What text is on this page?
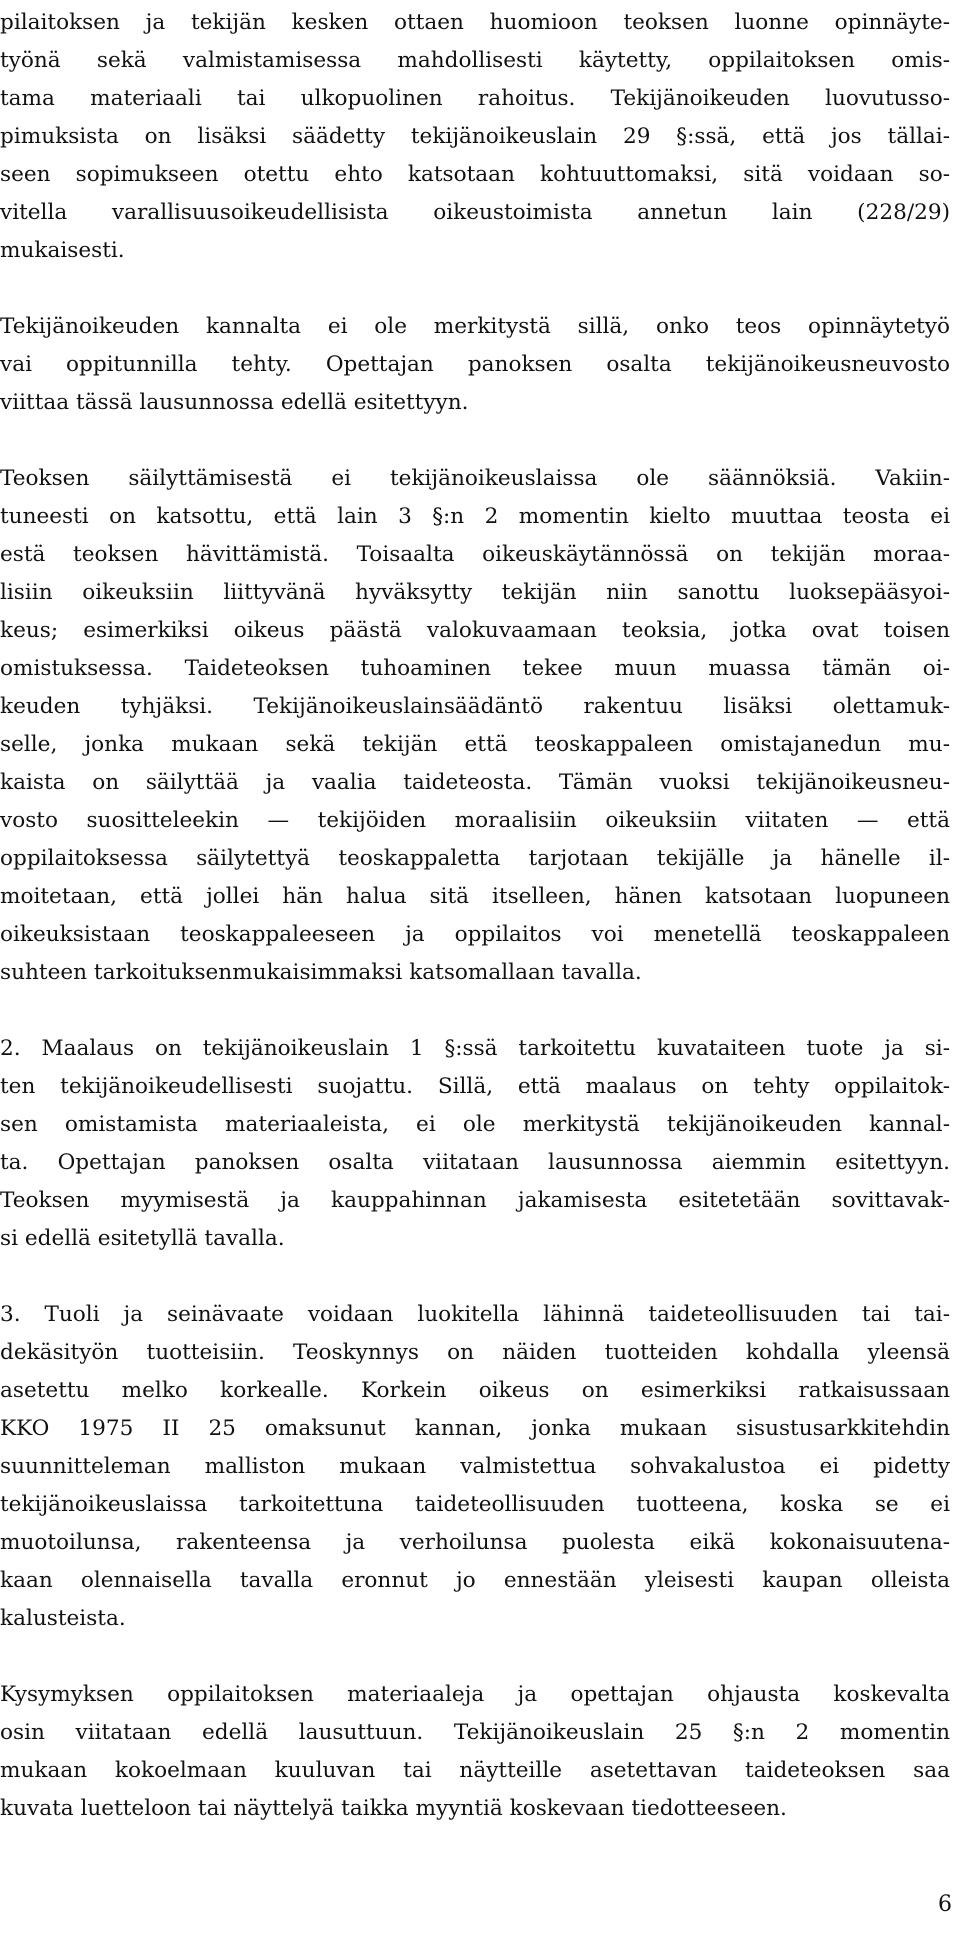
pilaitoksen ja tekijän kesken ottaen huomioon teoksen luonne opinnäyte-
työnä sekä valmistamisessa mahdollisesti käytetty, oppilaitoksen omis-
tama materiaali tai ulkopuolinen rahoitus. Tekijänoikeuden luovutusso-
pimuksista on lisäksi säädetty tekijänoikeuslain 29 §:ssä, että jos tällai-
seen sopimukseen otettu ehto katsotaan kohtuuttomaksi, sitä voidaan so-
vitella varallisuusoikeudellisista oikeustoimista annetun lain (228/29)
mukaisesti.
Tekijänoikeuden kannalta ei ole merkitystä sillä, onko teos opinnäytetyö
vai oppitunnilla tehty. Opettajan panoksen osalta tekijänoikeusneuvosto
viittaa tässä lausunnossa edellä esitettyyn.
Teoksen säilyttämisestä ei tekijänoikeuslaissa ole säännöksiä. Vakiin-
tuneesti on katsottu, että lain 3 §:n 2 momentin kielto muuttaa teosta ei
estä teoksen hävittämistä. Toisaalta oikeuskäytännössä on tekijän moraa-
lisiin oikeuksiin liittyvänä hyväksytty tekijän niin sanottu luoksepääsyoi-
keus; esimerkiksi oikeus päästä valokuvaamaan teoksia, jotka ovat toisen
omistuksessa. Taideteoksen tuhoaminen tekee muun muassa tämän oi-
keuden tyhjäksi. Tekijänoikeuslainsäädäntö rakentuu lisäksi olettamuk-
selle, jonka mukaan sekä tekijän että teoskappaleen omistajanedun mu-
kaista on säilyttää ja vaalia taideteosta. Tämän vuoksi tekijänoikeusneu-
vosto suositteleekin — tekijöiden moraalisiin oikeuksiin viitaten — että
oppilaitoksessa säilytettyä teoskappaletta tarjotaan tekijälle ja hänelle il-
moitetaan, että jollei hän halua sitä itselleen, hänen katsotaan luopuneen
oikeuksistaan teoskappaleeseen ja oppilaitos voi menetellä teoskappaleen
suhteen tarkoituksenmukaisimmaksi katsomallaan tavalla.
2. Maalaus on tekijänoikeuslain 1 §:ssä tarkoitettu kuvataiteen tuote ja si-
ten tekijänoikeudellisesti suojattu. Sillä, että maalaus on tehty oppilaitok-
sen omistamista materiaaleista, ei ole merkitystä tekijänoikeuden kannal-
ta. Opettajan panoksen osalta viitataan lausunnossa aiemmin esitettyyn.
Teoksen myymisestä ja kauppahinnan jakamisesta esitetetään sovittavak-
si edellä esitetyllä tavalla.
3. Tuoli ja seinävaate voidaan luokitella lähinnä taideteollisuuden tai tai-
dekäsityön tuotteisiin. Teoskynnys on näiden tuotteiden kohdalla yleensä
asetettu melko korkealle. Korkein oikeus on esimerkiksi ratkaisussaan
KKO 1975 II 25 omaksunut kannan, jonka mukaan sisustusarkkitehdin
suunnitteleman malliston mukaan valmistettua sohvakalustoa ei pidetty
tekijänoikeuslaissa tarkoitettuna taideteollisuuden tuotteena, koska se ei
muotoilunsa, rakenteensa ja verhoilunsa puolesta eikä kokonaisuutena-
kaan olennaisella tavalla eronnut jo ennestään yleisesti kaupan olleista
kalusteista.
Kysymyksen oppilaitoksen materiaaleja ja opettajan ohjausta koskevalta
osin viitataan edellä lausuttuun. Tekijänoikeuslain 25 §:n 2 momentin
mukaan kokoelmaan kuuluvan tai näytteille asetettavan taideteoksen saa
kuvata luetteloon tai näyttelyä taikka myyntiä koskevaan tiedotteeseen.
6
